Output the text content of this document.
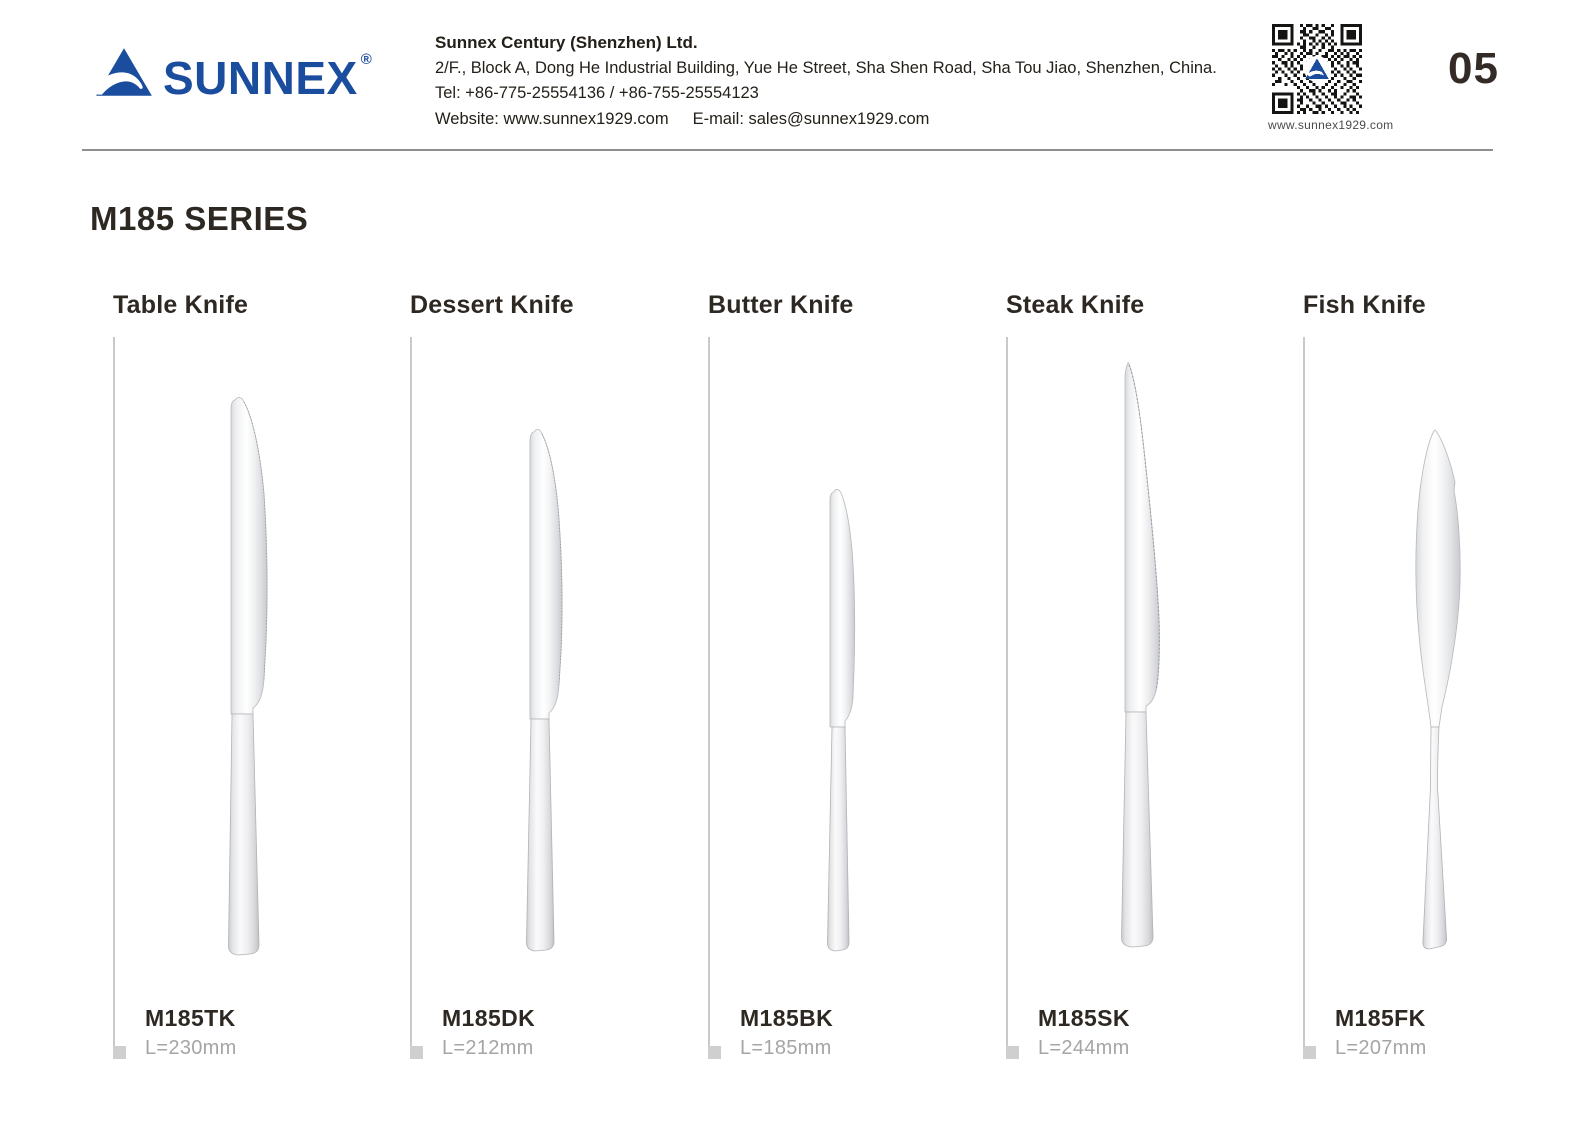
SUNNEX ®

Sunnex Century (Shenzhen) Ltd.

2/F., Block A, Dong He Industrial Building, Yue He Street, Sha Shen Road, Sha Tou Jiao, Shenzhen, China.

Tel: +86-775-25554136 / +86-755-25554123

Website: www.sunnex1929.com E-mail: sales@sunnex1929.com	www.sunnex1929.com
05
M185 SERIES
Table Knife
M185TK
L=230mm
Dessert Knife
M185DK
L=212mm
Butter Knife
M185BK
L=185mm
Steak Knife
M185SK
L=244mm
Fish Knife
M185FK
L=207mm
